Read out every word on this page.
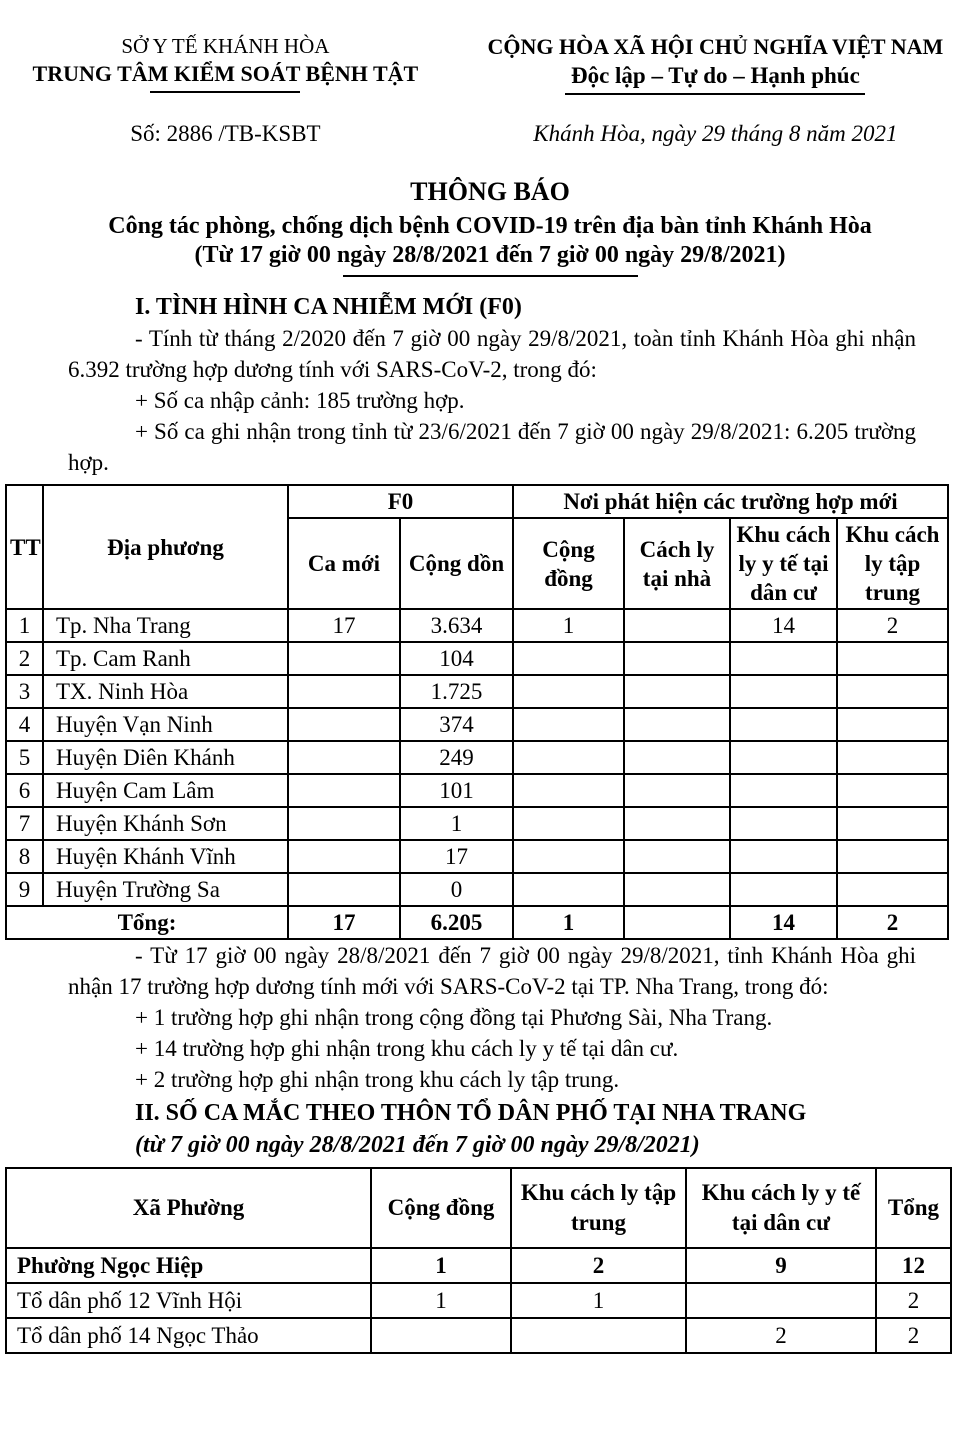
SỞ Y TẾ KHÁNH HÒA
TRUNG TÂM KIỂM SOÁT BỆNH TẬT
CỘNG HÒA XÃ HỘI CHỦ NGHĨA VIỆT NAM
Độc lập – Tự do – Hạnh phúc
Số: 2886 /TB-KSBT	Khánh Hòa, ngày 29 tháng 8 năm 2021
THÔNG BÁO
Công tác phòng, chống dịch bệnh COVID-19 trên địa bàn tỉnh Khánh Hòa
(Từ 17 giờ 00 ngày 28/8/2021 đến 7 giờ 00 ngày 29/8/2021)
I. TÌNH HÌNH CA NHIỄM MỚI (F0)

- Tính từ tháng 2/2020 đến 7 giờ 00 ngày 29/8/2021, toàn tỉnh Khánh Hòa ghi nhận 6.392 trường hợp dương tính với SARS-CoV-2, trong đó:

+ Số ca nhập cảnh: 185 trường hợp.

+ Số ca ghi nhận trong tỉnh từ 23/6/2021 đến 7 giờ 00 ngày 29/8/2021: 6.205 trường hợp.

TT	Địa phương	F0		Nơi phát hiện các trường hợp mới			
		Ca mới	Cộng dồn	Cộng đồng	Cách ly tại nhà	Khu cách ly y tế tại dân cư	Khu cách ly tập trung
1	Tp. Nha Trang	17	3.634	1		14	2
2	Tp. Cam Ranh		104				
3	TX. Ninh Hòa		1.725				
4	Huyện Vạn Ninh		374				
5	Huyện Diên Khánh		249				
6	Huyện Cam Lâm		101				
7	Huyện Khánh Sơn		1				
8	Huyện Khánh Vĩnh		17				
9	Huyện Trường Sa		0				
Tổng:		17	6.205	1		14	2

- Từ 17 giờ 00 ngày 28/8/2021 đến 7 giờ 00 ngày 29/8/2021, tỉnh Khánh Hòa ghi nhận 17 trường hợp dương tính mới với SARS-CoV-2 tại TP. Nha Trang, trong đó:

+ 1 trường hợp ghi nhận trong cộng đồng tại Phương Sài, Nha Trang.

+ 14 trường hợp ghi nhận trong khu cách ly y tế tại dân cư.

+ 2 trường hợp ghi nhận trong khu cách ly tập trung.

II. SỐ CA MẮC THEO THÔN TỔ DÂN PHỐ TẠI NHA TRANG
(từ 7 giờ 00 ngày 28/8/2021 đến 7 giờ 00 ngày 29/8/2021)
Xã Phường	Cộng đồng	Khu cách ly tập trung	Khu cách ly y tế tại dân cư	Tổng
Phường Ngọc Hiệp	1	2	9	12
Tổ dân phố 12 Vĩnh Hội	1	1		2
Tổ dân phố 14 Ngọc Thảo			2	2
